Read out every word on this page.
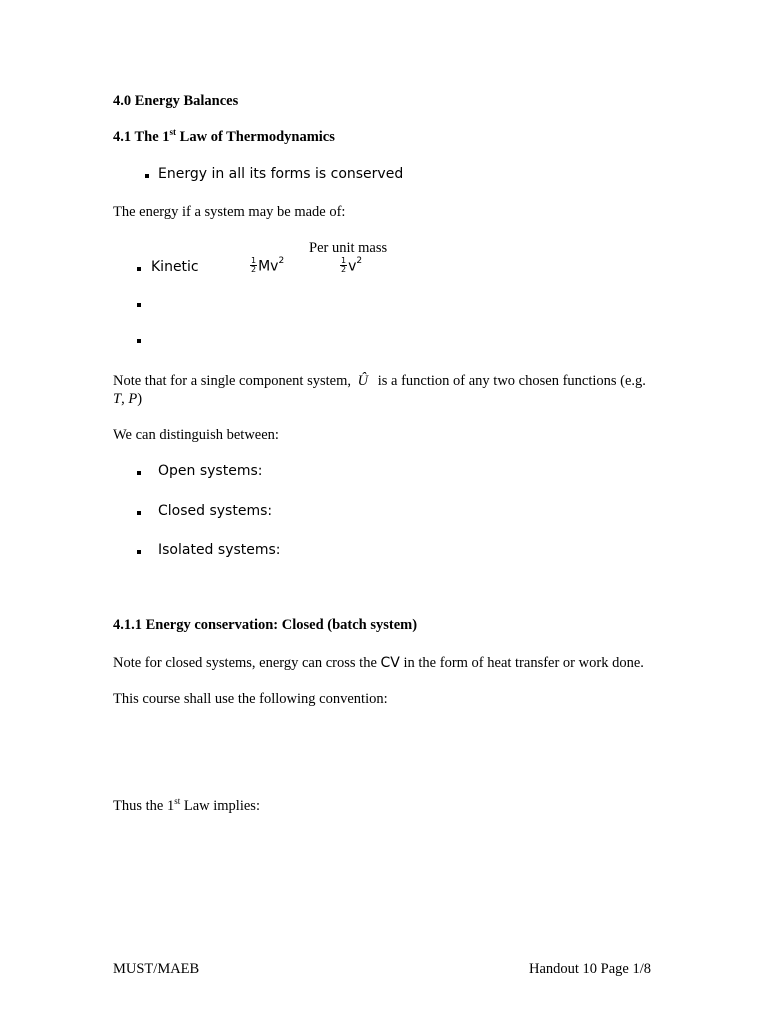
4.0 Energy Balances
4.1 The 1st Law of Thermodynamics
Energy in all its forms is conserved
The energy if a system may be made of:
Per unit mass
Kinetic	$\frac{1}{2} Mv^2$	$\frac{1}{2} v^2$
Note that for a single component system, Û is a function of any two chosen functions (e.g.
T, P)
We can distinguish between:
Open systems:
Closed systems:
Isolated systems:
4.1.1 Energy conservation: Closed (batch system)
Note for closed systems, energy can cross the CV in the form of heat transfer or work done.
This course shall use the following convention:
Thus the 1st Law implies:
MUST/MAEB	Handout 10 Page 1/8
